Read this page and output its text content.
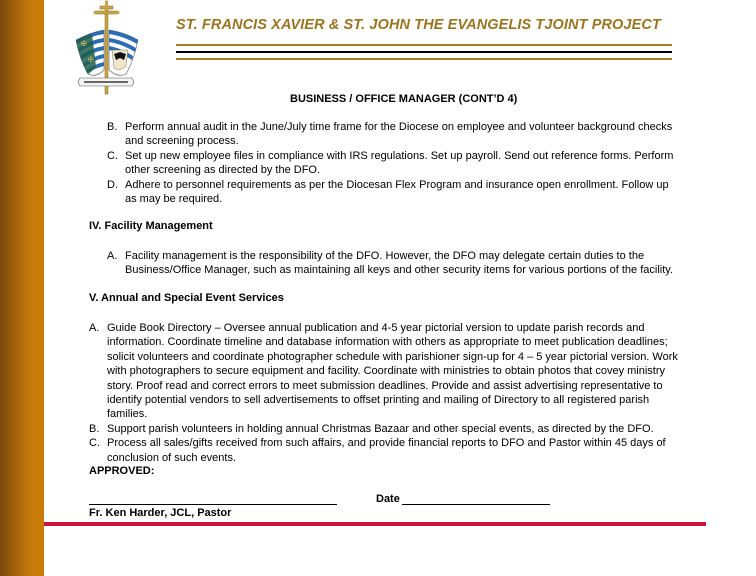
✠
✠
ST. FRANCIS XAVIER & ST. JOHN THE EVANGELIS TJOINT PROJECT
BUSINESS / OFFICE MANAGER (CONT’D 4)
B. Perform annual audit in the June/July time frame for the Diocese on employee and volunteer background checks
and screening process.
C. Set up new employee files in compliance with IRS regulations. Set up payroll. Send out reference forms. Perform
other screening as directed by the DFO.
D. Adhere to personnel requirements as per the Diocesan Flex Program and insurance open enrollment. Follow up
as may be required.
IV. Facility Management
A. Facility management is the responsibility of the DFO. However, the DFO may delegate certain duties to the
Business/Office Manager, such as maintaining all keys and other security items for various portions of the facility.
V. Annual and Special Event Services
A. Guide Book Directory – Oversee annual publication and 4-5 year pictorial version to update parish records and
information. Coordinate timeline and database information with others as appropriate to meet publication deadlines;
solicit volunteers and coordinate photographer schedule with parishioner sign-up for 4 – 5 year pictorial version. Work
with photographers to secure equipment and facility. Coordinate with ministries to obtain photos that covey ministry
story. Proof read and correct errors to meet submission deadlines. Provide and assist advertising representative to
identify potential vendors to sell advertisements to offset printing and mailing of Directory to all registered parish
families.
B. Support parish volunteers in holding annual Christmas Bazaar and other special events, as directed by the DFO.
C. Process all sales/gifts received from such affairs, and provide financial reports to DFO and Pastor within 45 days of
conclusion of such events.
APPROVED:
Date
Fr. Ken Harder, JCL, Pastor
